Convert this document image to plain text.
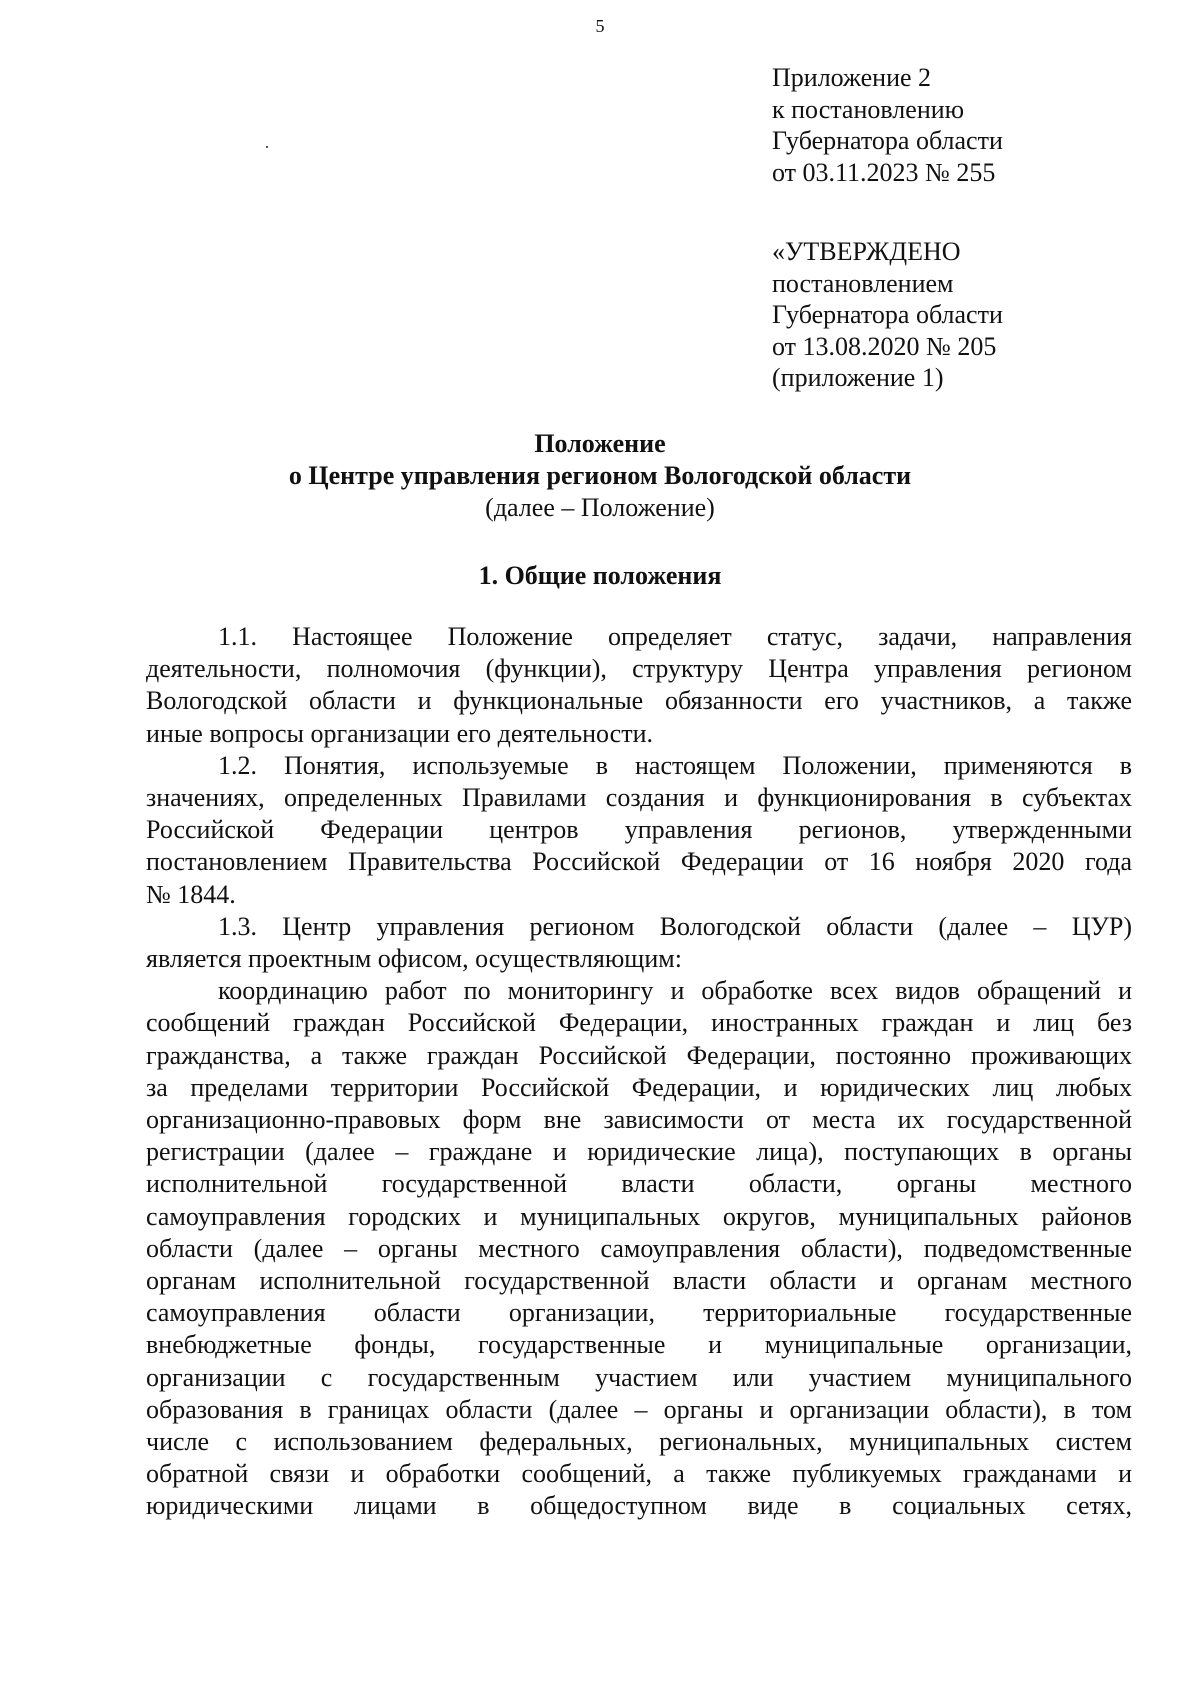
5
Приложение 2
к постановлению
Губернатора области
от 03.11.2023 № 255
«УТВЕРЖДЕНО
постановлением
Губернатора области
от 13.08.2020 № 205
(приложение 1)
Положение
о Центре управления регионом Вологодской области
(далее – Положение)
1. Общие положения
1.1. Настоящее Положение определяет статус, задачи, направления
деятельности, полномочия (функции), структуру Центра управления регионом
Вологодской области и функциональные обязанности его участников, а также
иные вопросы организации его деятельности.
1.2. Понятия, используемые в настоящем Положении, применяются в
значениях, определенных Правилами создания и функционирования в субъектах
Российской Федерации центров управления регионов, утвержденными
постановлением Правительства Российской Федерации от 16 ноября 2020 года
№ 1844.
1.3. Центр управления регионом Вологодской области (далее – ЦУР)
является проектным офисом, осуществляющим:
координацию работ по мониторингу и обработке всех видов обращений и
сообщений граждан Российской Федерации, иностранных граждан и лиц без
гражданства, а также граждан Российской Федерации, постоянно проживающих
за пределами территории Российской Федерации, и юридических лиц любых
организационно-правовых форм вне зависимости от места их государственной
регистрации (далее – граждане и юридические лица), поступающих в органы
исполнительной государственной власти области, органы местного
самоуправления городских и муниципальных округов, муниципальных районов
области (далее – органы местного самоуправления области), подведомственные
органам исполнительной государственной власти области и органам местного
самоуправления области организации, территориальные государственные
внебюджетные фонды, государственные и муниципальные организации,
организации с государственным участием или участием муниципального
образования в границах области (далее – органы и организации области), в том
числе с использованием федеральных, региональных, муниципальных систем
обратной связи и обработки сообщений, а также публикуемых гражданами и
юридическими лицами в общедоступном виде в социальных сетях,
